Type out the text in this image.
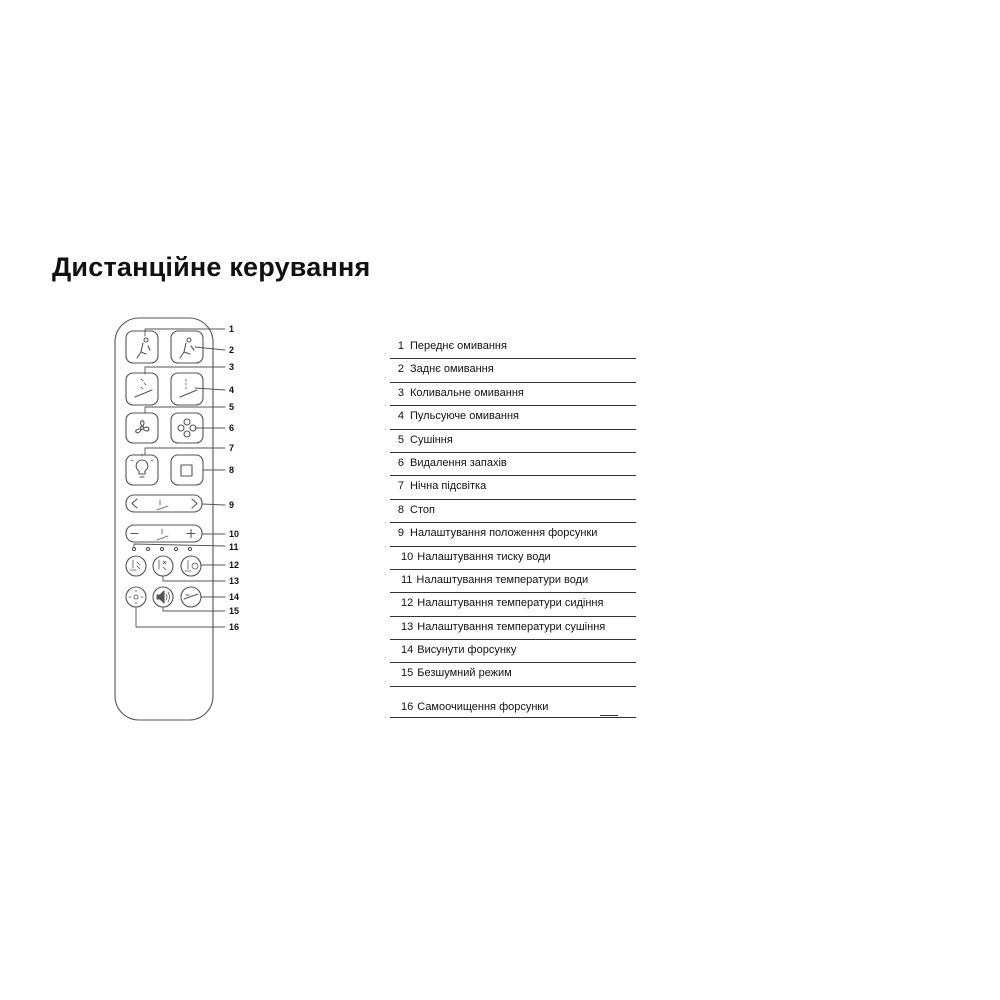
Дистанційне керування
1
2
3
4
5
6
7
8
9
10
11
12
13
14
15
16
1 Переднє омивання
2 Заднє омивання
3 Коливальне омивання
4 Пульсуюче омивання
5 Сушіння
6 Видалення запахів
7 Нічна підсвітка
8 Стоп
9 Налаштування положення форсунки
10 Налаштування тиску води
11 Налаштування температури води
12 Налаштування температури сидіння
13 Налаштування температури сушіння
14 Висунути форсунку
15 Безшумний режим
16 Самоочищення форсунки
